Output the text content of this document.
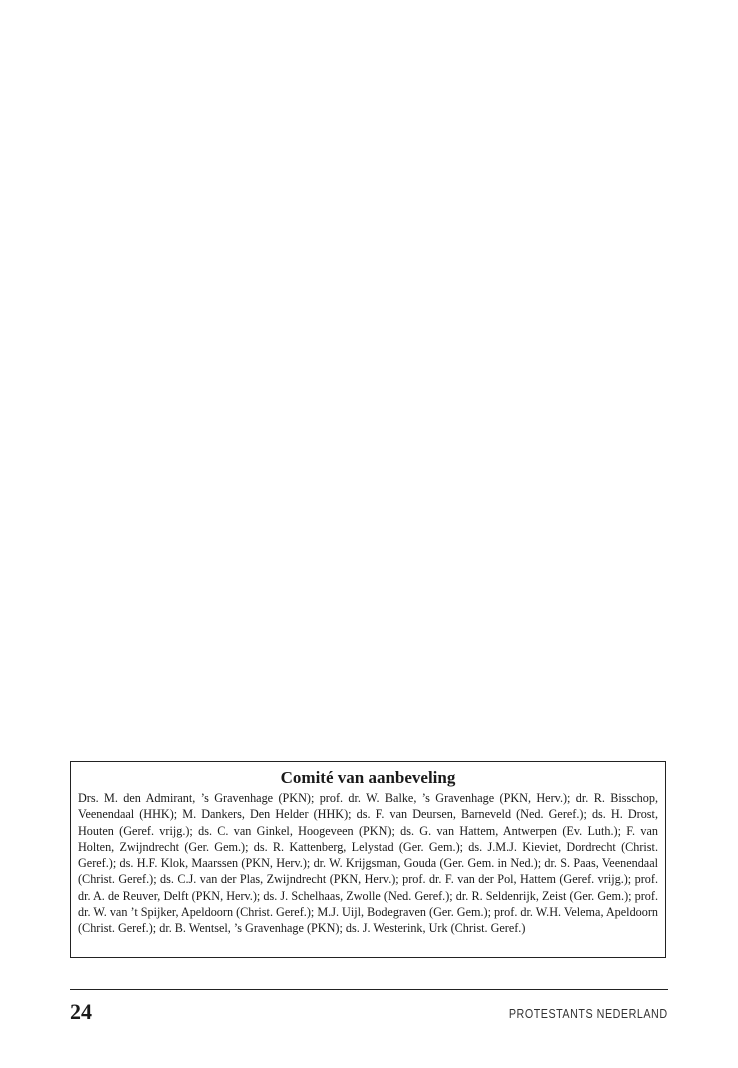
Comité van aanbeveling

Drs. M. den Admirant, ’s Gravenhage (PKN); prof. dr. W. Balke, ’s Gravenhage (PKN, Herv.); dr. R. Bisschop, Veenendaal (HHK); M. Dankers, Den Helder (HHK); ds. F. van Deursen, Barneveld (Ned. Geref.); ds. H. Drost, Houten (Geref. vrijg.); ds. C. van Ginkel, Hoogeveen (PKN); ds. G. van Hattem, Antwerpen (Ev. Luth.); F. van Holten, Zwijndrecht (Ger. Gem.); ds. R. Kattenberg, Lelystad (Ger. Gem.); ds. J.M.J. Kieviet, Dordrecht (Christ. Geref.); ds. H.F. Klok, Maarssen (PKN, Herv.); dr. W. Krijgsman, Gouda (Ger. Gem. in Ned.); dr. S. Paas, Veenendaal (Christ. Geref.); ds. C.J. van der Plas, Zwijndrecht (PKN, Herv.); prof. dr. F. van der Pol, Hattem (Geref. vrijg.); prof. dr. A. de Reuver, Delft (PKN, Herv.); ds. J. Schelhaas, Zwolle (Ned. Geref.); dr. R. Seldenrijk, Zeist (Ger. Gem.); prof. dr. W. van ’t Spijker, Apeldoorn (Christ. Geref.); M.J. Uijl, Bodegraven (Ger. Gem.); prof. dr. W.H. Velema, Apeldoorn (Christ. Geref.); dr. B. Wentsel, ’s Gravenhage (PKN); ds. J. Westerink, Urk (Christ. Geref.)

24	PROTESTANTS NEDERLAND
